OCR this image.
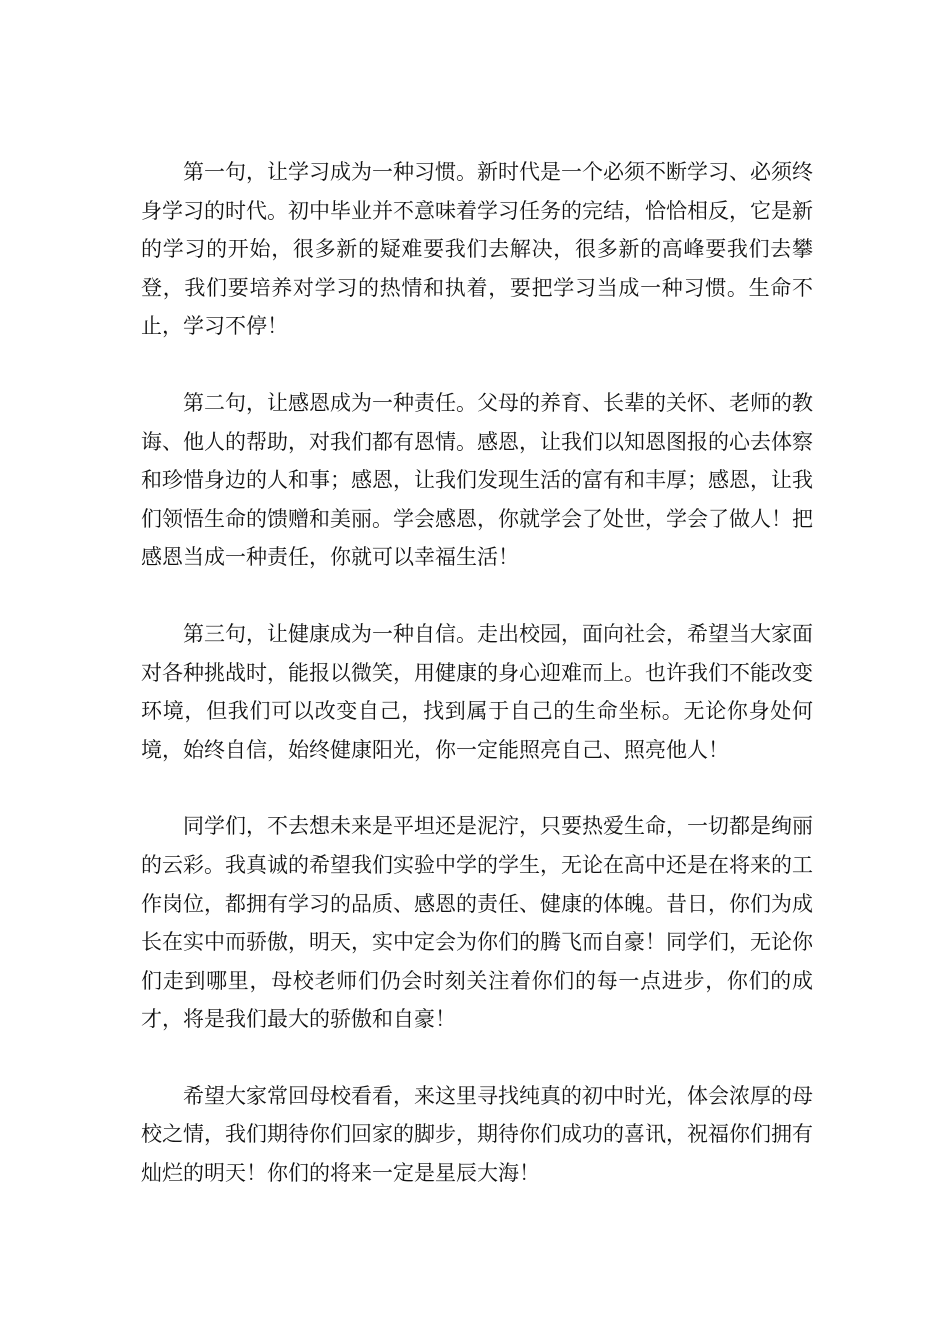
第一句，让学习成为一种习惯。新时代是一个必须不断学习、必须终身学习的时代。初中毕业并不意味着学习任务的完结，恰恰相反，它是新的学习的开始，很多新的疑难要我们去解决，很多新的高峰要我们去攀登，我们要培养对学习的热情和执着，要把学习当成一种习惯。生命不止，学习不停！

第二句，让感恩成为一种责任。父母的养育、长辈的关怀、老师的教诲、他人的帮助，对我们都有恩情。感恩，让我们以知恩图报的心去体察和珍惜身边的人和事；感恩，让我们发现生活的富有和丰厚；感恩，让我们领悟生命的馈赠和美丽。学会感恩，你就学会了处世，学会了做人！把感恩当成一种责任，你就可以幸福生活！

第三句，让健康成为一种自信。走出校园，面向社会，希望当大家面对各种挑战时，能报以微笑，用健康的身心迎难而上。也许我们不能改变环境，但我们可以改变自己，找到属于自己的生命坐标。无论你身处何境，始终自信，始终健康阳光，你一定能照亮自己、照亮他人！

同学们，不去想未来是平坦还是泥泞，只要热爱生命，一切都是绚丽的云彩。我真诚的希望我们实验中学的学生，无论在高中还是在将来的工作岗位，都拥有学习的品质、感恩的责任、健康的体魄。昔日，你们为成长在实中而骄傲，明天，实中定会为你们的腾飞而自豪！同学们，无论你们走到哪里，母校老师们仍会时刻关注着你们的每一点进步，你们的成才，将是我们最大的骄傲和自豪！

希望大家常回母校看看，来这里寻找纯真的初中时光，体会浓厚的母校之情，我们期待你们回家的脚步，期待你们成功的喜讯，祝福你们拥有灿烂的明天！你们的将来一定是星辰大海！
